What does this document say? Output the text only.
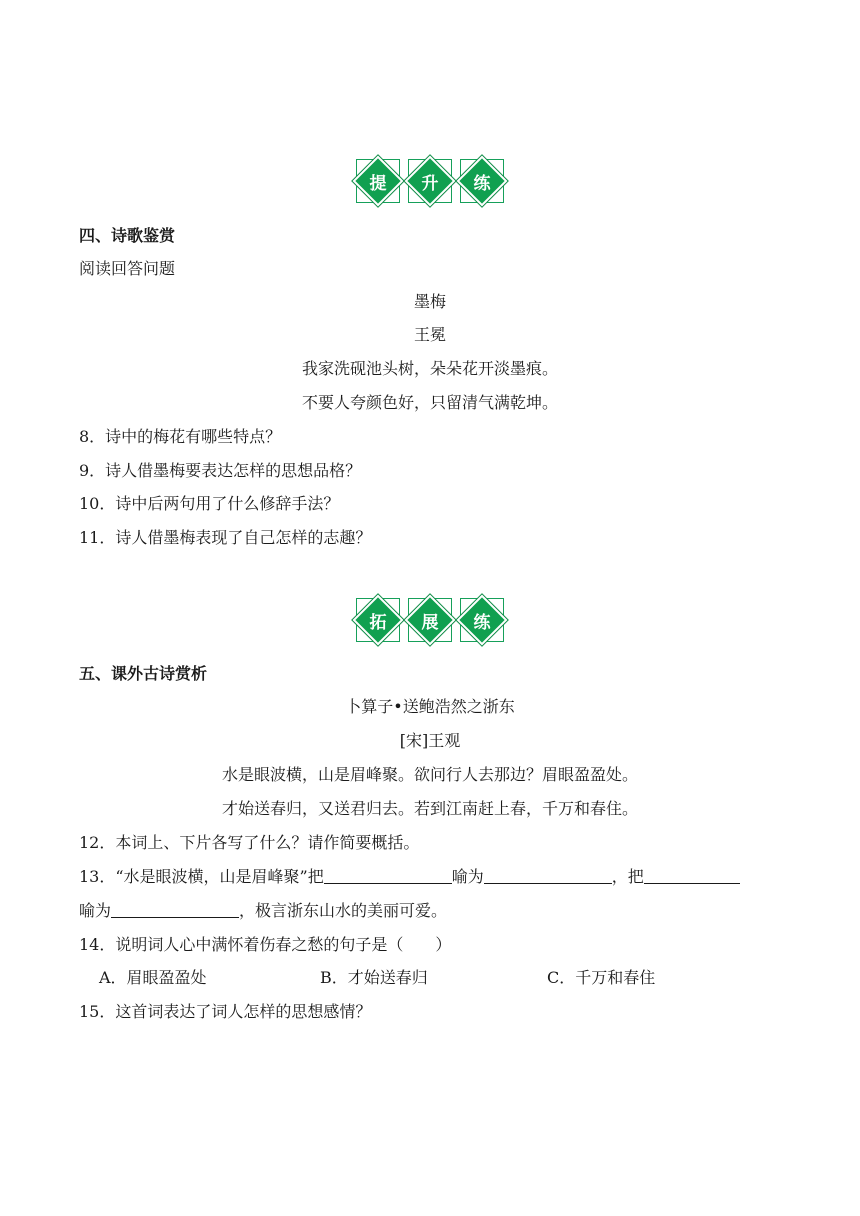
提	升	练
四、诗歌鉴赏
阅读回答问题
墨梅
王冕
我家洗砚池头树，朵朵花开淡墨痕。
不要人夸颜色好，只留清气满乾坤。
8．诗中的梅花有哪些特点？
9．诗人借墨梅要表达怎样的思想品格？
10．诗中后两句用了什么修辞手法？
11．诗人借墨梅表现了自己怎样的志趣？
拓	展	练
五、课外古诗赏析
卜算子•送鲍浩然之浙东
[宋]王观
水是眼波横，山是眉峰聚。欲问行人去那边？眉眼盈盈处。
才始送春归，又送君归去。若到江南赶上春，千万和春住。
12．本词上、下片各写了什么？请作简要概括。
13．“水是眼波横，山是眉峰聚”把	喻为	，把
喻为	，极言浙东山水的美丽可爱。
14．说明词人心中满怀着伤春之愁的句子是（　　）
A．眉眼盈盈处	B．才始送春归	C．千万和春住
15．这首词表达了词人怎样的思想感情？
